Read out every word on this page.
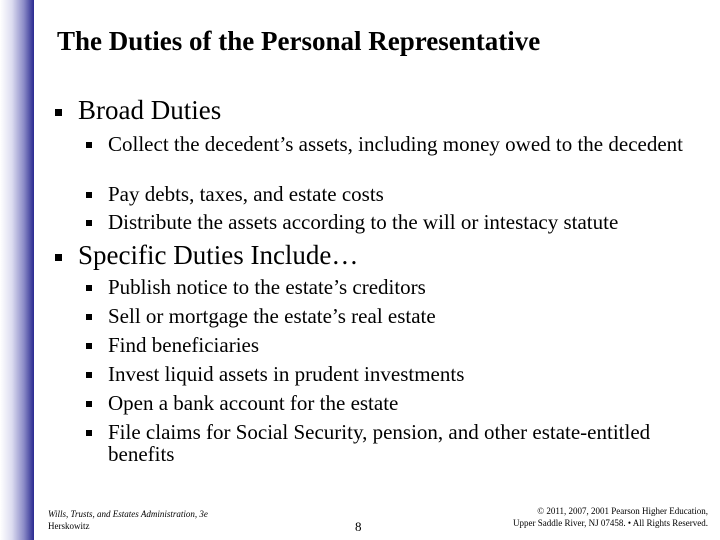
The Duties of the Personal Representative
Broad Duties
Collect the decedent’s assets, including money owed to the decedent
Pay debts, taxes, and estate costs
Distribute the assets according to the will or intestacy statute
Specific Duties Include…
Publish notice to the estate’s creditors
Sell or mortgage the estate’s real estate
Find beneficiaries
Invest liquid assets in prudent investments
Open a bank account for the estate
File claims for Social Security, pension, and other estate-entitled benefits
Wills, Trusts, and Estates Administration, 3e
Herskowitz	8
© 2011, 2007, 2001 Pearson Higher Education,
Upper Saddle River, NJ 07458. • All Rights Reserved.
